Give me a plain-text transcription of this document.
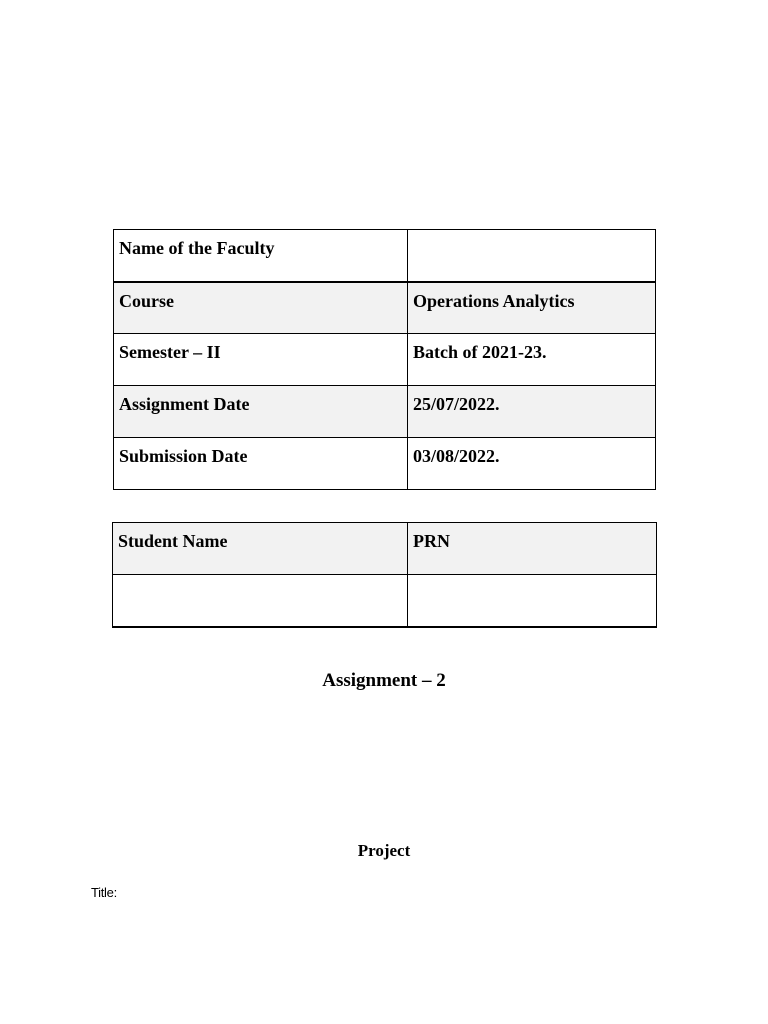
Name of the Faculty	

Course	Operations Analytics

Semester – II	Batch of 2021-23.

Assignment Date	25/07/2022.

Submission Date	03/08/2022.
Student Name	PRN

Assignment – 2
Project
Title:
